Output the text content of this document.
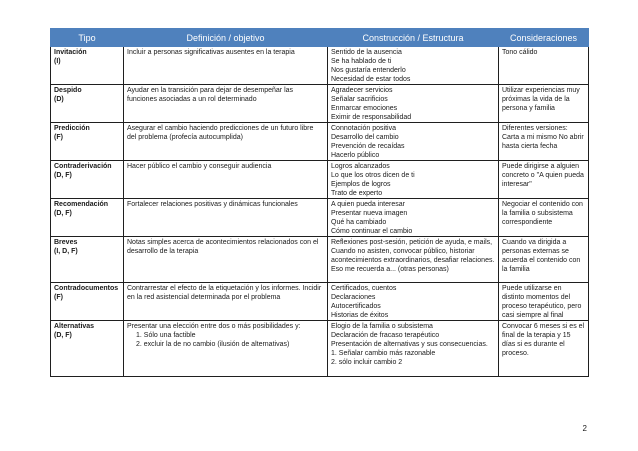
Tipo	Definición / objetivo	Construcción / Estructura	Consideraciones

Invitación
(I)	Incluir a personas significativas ausentes en la terapia	Sentido de la ausencia
Se ha hablado de ti
Nos gustaría entenderlo
Necesidad de estar todos	Tono cálido

Despido
(D)	Ayudar en la transición para dejar de desempeñar las funciones asociadas a un rol determinado	Agradecer servicios
Señalar sacrificios
Enmarcar emociones
Eximir de responsabilidad	Utilizar experiencias muy próximas la vida de la persona y familia

Predicción
(F)	Asegurar el cambio haciendo predicciones de un futuro libre del problema (profecía autocumplida)	Connotación positiva
Desarrollo del cambio
Prevención de recaídas
Hacerlo público	Diferentes versiones: Carta a mi mismo No abrir hasta cierta fecha

Contraderivación
(D, F)	Hacer público el cambio y conseguir audiencia	Logros alcanzados
Lo que los otros dicen de ti
Ejemplos de logros
Trato de experto	Puede dirigirse a alguien concreto o "A quien pueda interesar"

Recomendación
(D, F)	Fortalecer relaciones positivas y dinámicas funcionales	A quien pueda interesar
Presentar nueva imagen
Qué ha cambiado
Cómo continuar el cambio	Negociar el contenido con la familia o subsistema correspondiente

Breves
(I, D, F)	Notas simples acerca de acontecimientos relacionados con el desarrollo de la terapia	Reflexiones post-sesión, petición de ayuda, e mails, Cuando no asisten, convocar público, historiar acontecimientos extraordinarios, desafiar relaciones. Eso me recuerda a... (otras personas)	Cuando va dirigida a personas externas se acuerda el contenido con la familia

Contradocumentos
(F)	Contrarrestar el efecto de la etiquetación y los informes. Incidir en la red asistencial determinada por el problema	Certificados, cuentos
Declaraciones
Autocertificados
Historias de éxitos	Puede utilizarse en distinto momentos del proceso terapéutico, pero casi siempre al final

Alternativas
(D, F)	Presentar una elección entre dos o más posibilidades y:
1. Sólo una factible
2. excluir la de no cambio (ilusión de alternativas)	Elogio de la familia o subsistema
Declaración de fracaso terapéutico
Presentación de alternativas y sus consecuencias.
1. Señalar cambio más razonable
2. sólo incluir cambio 2	Convocar 6 meses si es el final de la terapia y 15 días si es durante el proceso.
2
